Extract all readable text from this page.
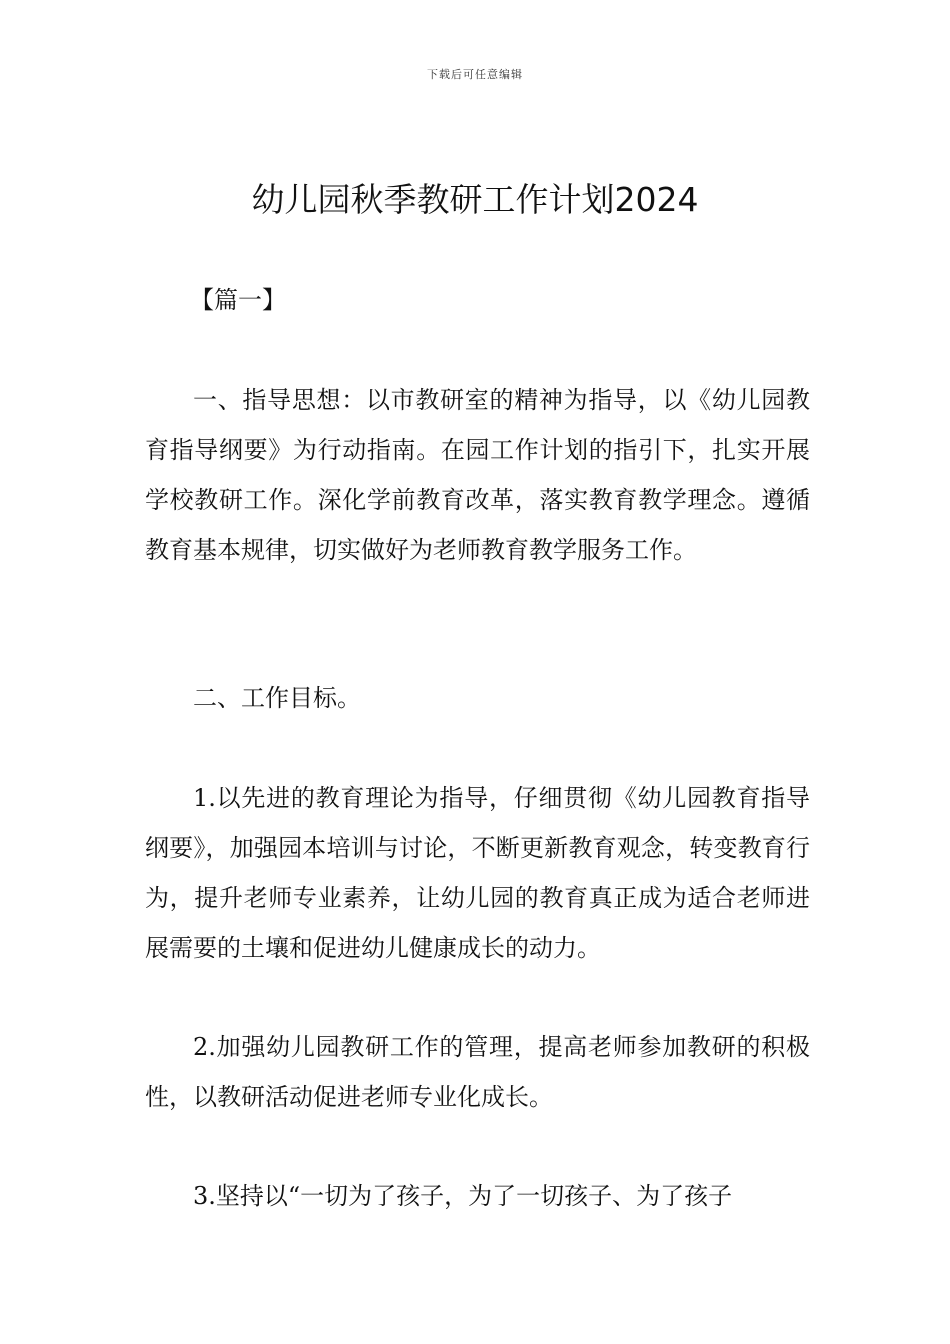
下载后可任意编辑
幼儿园秋季教研工作计划2024
【篇一】

一、指导思想：以市教研室的精神为指导，以《幼儿园教育指导纲要》为行动指南。在园工作计划的指引下，扎实开展学校教研工作。深化学前教育改革，落实教育教学理念。遵循教育基本规律，切实做好为老师教育教学服务工作。

二、工作目标。

1.以先进的教育理论为指导，仔细贯彻《幼儿园教育指导纲要》，加强园本培训与讨论，不断更新教育观念，转变教育行为，提升老师专业素养，让幼儿园的教育真正成为适合老师进展需要的土壤和促进幼儿健康成长的动力。

2.加强幼儿园教研工作的管理，提高老师参加教研的积极性，以教研活动促进老师专业化成长。

3.坚持以“一切为了孩子，为了一切孩子、为了孩子
